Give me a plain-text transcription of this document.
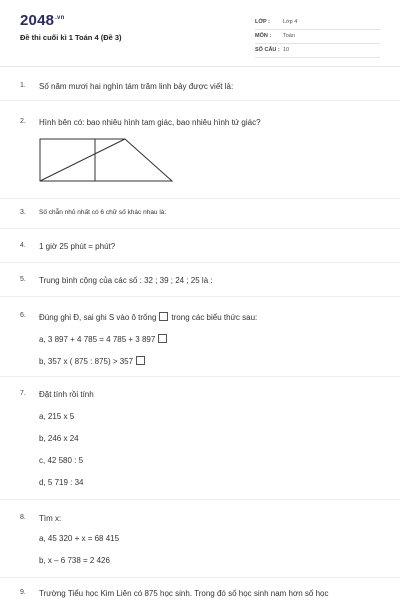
$2048^{.vn}$
Đề thi cuối kì 1 Toán 4 (Đề 3)
LỚP : Lớp 4
MÔN : Toán
SỐ CÂU : 10
1. Số năm mươi hai nghìn tám trăm linh bảy được viết là:
2. Hình bên có: bao nhiêu hình tam giác, bao nhiêu hình tứ giác?
3. Số chẵn nhỏ nhất có 6 chữ số khác nhau là:
4. 1 giờ 25 phút = phút?
5. Trung bình cộng của các số : 32 ; 39 ; 24 ; 25 là :
6. Đúng ghi Đ, sai ghi S vào ô trống trong các biểu thức sau:
a, 3 897 + 4 785 = 4 785 + 3 897
b, 357 x ( 875 : 875) > 357
7. Đặt tính rồi tính
a, 215 x 5
b, 246 x 24
c, 42 580 : 5
d, 5 719 : 34
8. Tìm x:
a, 45 320 + x = 68 415
b, x – 6 738 = 2 426
9. Trường Tiểu học Kim Liên có 875 học sinh. Trong đó số học sinh nam hơn số học
